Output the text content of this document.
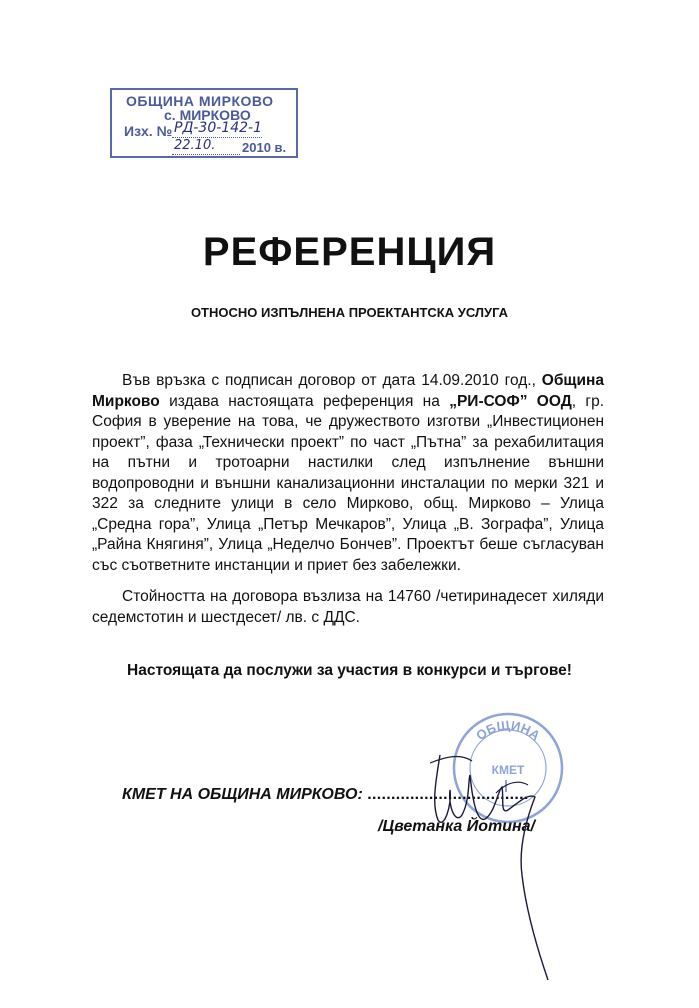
ОБЩИНА МИРКОВО
с. МИРКОВО
Изх. № РД-30-142-1
22.10. 2010 в.
РЕФЕРЕНЦИЯ
ОТНОСНО ИЗПЪЛНЕНА ПРОЕКТАНТСКА УСЛУГА
Във връзка с подписан договор от дата 14.09.2010 год., Община Мирково издава настоящата референция на „РИ-СОФ” ООД, гр. София в уверение на това, че дружеството изготви „Инвестиционен проект”, фаза „Технически проект” по част „Пътна” за рехабилитация на пътни и тротоарни настилки след изпълнение външни водопроводни и външни канализационни инсталации по мерки 321 и 322 за следните улици в село Мирково, общ. Мирково – Улица „Средна гора”, Улица „Петър Мечкаров”, Улица „В. Зографа”, Улица „Райна Княгиня”, Улица „Неделчо Бончев”. Проектът беше съгласуван със съответните инстанции и приет без забележки.
Стойността на договора възлиза на 14760 /четиринадесет хиляди седемстотин и шестдесет/ лв. с ДДС.
Настоящата да послужи за участия в конкурси и търгове!
ОБЩИНА
КМЕТ
КМЕТ НА ОБЩИНА МИРКОВО: ..................................
/Цветанка Йотина/
